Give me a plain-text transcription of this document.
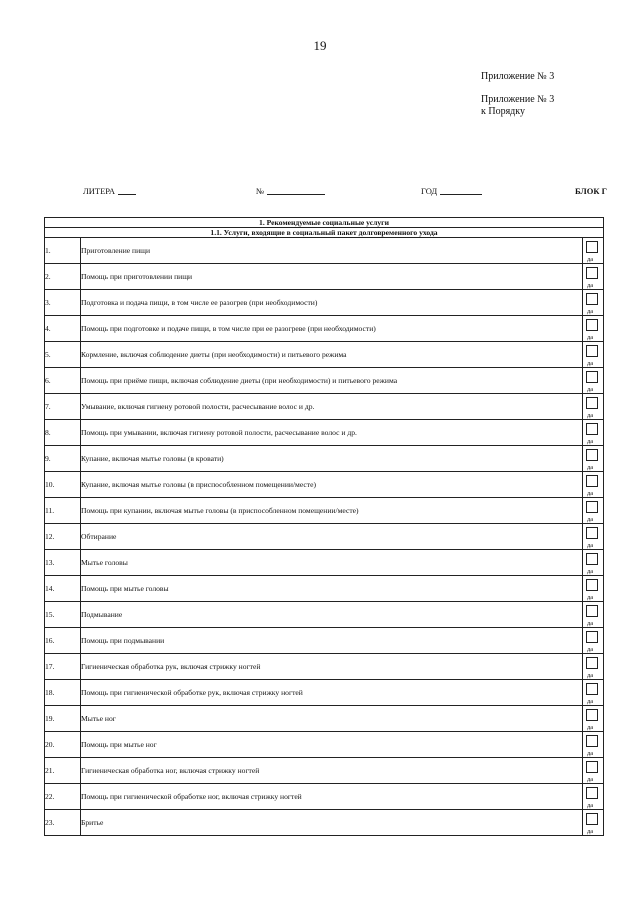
19
Приложение № 3
Приложение № 3
к Порядку
ЛИТЕРА	№	ГОД	БЛОК Г
1. Рекомендуемые социальные услуги		
1.1. Услуги, входящие в социальный пакет долговременного ухода		
1.	Приготовление пищи	да

2.	Помощь при приготовлении пищи	да

3.	Подготовка и подача пищи, в том числе ее разогрев (при необходимости)	да

4.	Помощь при подготовке и подаче пищи, в том числе при ее разогреве (при необходимости)	да

5.	Кормление, включая соблюдение диеты (при необходимости) и питьевого режима	да

6.	Помощь при приёме пищи, включая соблюдение диеты (при необходимости) и питьевого режима	да

7.	Умывание, включая гигиену ротовой полости, расчесывание волос и др.	да

8.	Помощь при умывании, включая гигиену ротовой полости, расчесывание волос и др.	да

9.	Купание, включая мытье головы (в кровати)	да

10.	Купание, включая мытье головы (в приспособленном помещении/месте)	да

11.	Помощь при купании, включая мытье головы (в приспособленном помещении/месте)	да

12.	Обтирание	да

13.	Мытье головы	да

14.	Помощь при мытье головы	да

15.	Подмывание	да

16.	Помощь при подмывании	да

17.	Гигиеническая обработка рук, включая стрижку ногтей	да

18.	Помощь при гигиенической обработке рук, включая стрижку ногтей	да

19.	Мытье ног	да

20.	Помощь при мытье ног	да

21.	Гигиеническая обработка ног, включая стрижку ногтей	да

22.	Помощь при гигиенической обработке ног, включая стрижку ногтей	да

23.	Бритье	да
